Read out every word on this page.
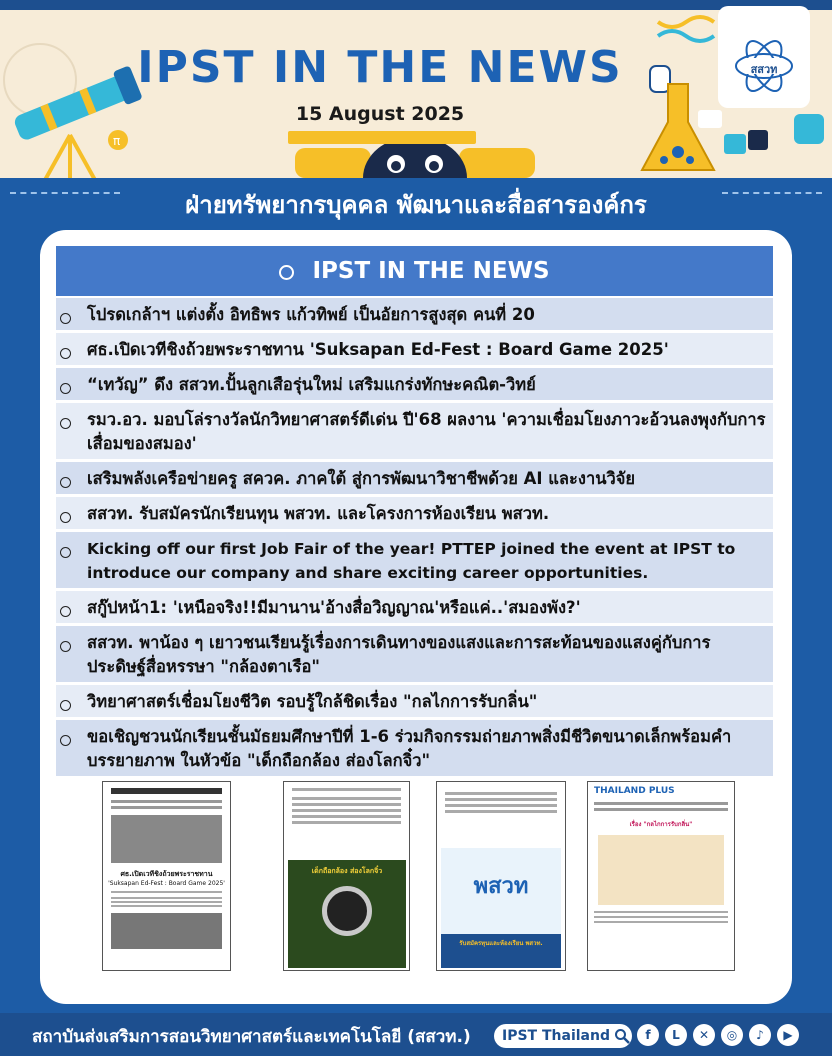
π
IPST IN THE NEWS
15 August 2025
สสวท
ฝ่ายทรัพยากรบุคคล พัฒนาและสื่อสารองค์กร
IPST IN THE NEWS
โปรดเกล้าฯ แต่งตั้ง อิทธิพร แก้วทิพย์ เป็นอัยการสูงสุด คนที่ 20
ศธ.เปิดเวทีชิงถ้วยพระราชทาน 'Suksapan Ed-Fest : Board Game 2025'
“เทวัญ” ดึง สสวท.ปั้นลูกเสือรุ่นใหม่ เสริมแกร่งทักษะคณิต-วิทย์
รมว.อว. มอบโล่รางวัลนักวิทยาศาสตร์ดีเด่น ปี'68 ผลงาน 'ความเชื่อมโยงภาวะอ้วนลงพุงกับการเสื่อมของสมอง'
เสริมพลังเครือข่ายครู สควค. ภาคใต้ สู่การพัฒนาวิชาชีพด้วย AI และงานวิจัย
สสวท. รับสมัครนักเรียนทุน พสวท. และโครงการห้องเรียน พสวท.
Kicking off our first Job Fair of the year! PTTEP joined the event at IPST to introduce our company and share exciting career opportunities.
สกู๊ปหน้า1: 'เหนือจริง!!มีมานาน'อ้างสื่อวิญญาณ'หรือแค่..'สมองพัง?'
สสวท. พาน้อง ๆ เยาวชนเรียนรู้เรื่องการเดินทางของแสงและการสะท้อนของแสงคู่กับการประดิษฐ์สื่อหรรษา "กล้องตาเรือ"
วิทยาศาสตร์เชื่อมโยงชีวิต รอบรู้ใกล้ชิดเรื่อง "กลไกการรับกลิ่น"
ขอเชิญชวนนักเรียนชั้นมัธยมศึกษาปีที่ 1-6 ร่วมกิจกรรมถ่ายภาพสิ่งมีชีวิตขนาดเล็กพร้อมคำบรรยายภาพ ในหัวข้อ "เด็กถือกล้อง ส่องโลกจิ๋ว"
ศธ.เปิดเวทีชิงถ้วยพระราชทาน
'Suksapan Ed-Fest : Board Game 2025'
เด็กถือกล้อง ส่องโลกจิ๋ว
พสวท
รับสมัครทุนและห้องเรียน พสวท.
THAILAND PLUS
เรื่อง "กลไกการรับกลิ่น"
สถาบันส่งเสริมการสอนวิทยาศาสตร์และเทคโนโลยี (สสวท.) IPST Thailand	f	L	✕	◎	♪	▶
